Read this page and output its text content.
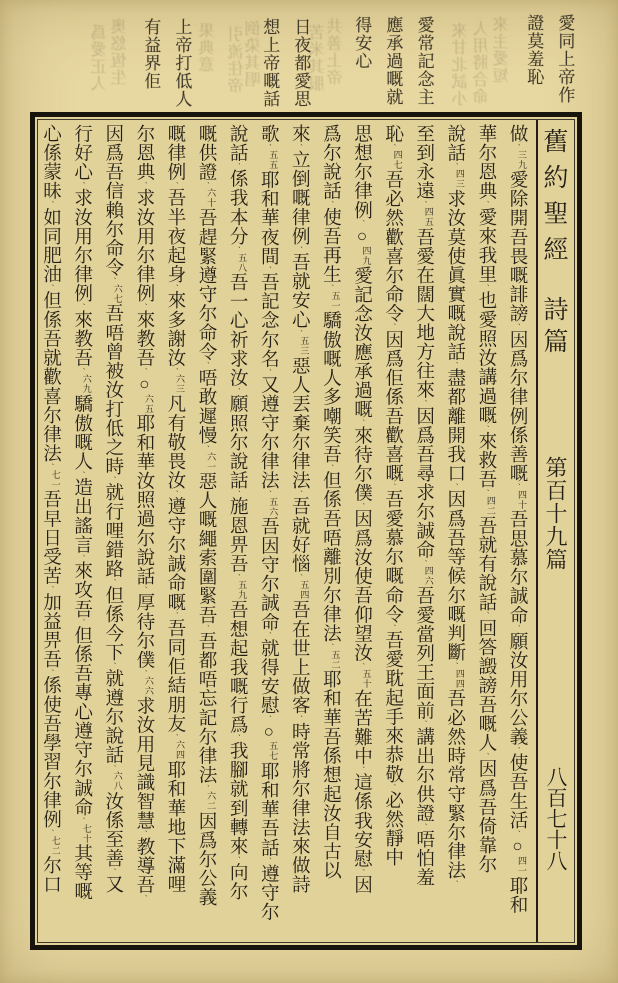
愛同上帝作
證莫羞恥
愛常記念主
應承過嘅就
得安心
日夜都愛思
想上帝嘅話
上帝打低人
有益界佢	來主愛短
人用將合命
來甘北試小
共善上帝
苦米其服
倒染其唱
引流住帝
果典意
奧悠恆生
爲愛正人
做、三九愛除開吾畏嘅誹謗、因爲尔律例係善嘅、四十吾思慕尔誠命、願汝用尔公義、使吾生活、○四一耶和
華尔恩典、愛來我里、也愛照汝講過嘅、來救吾、四二吾就有說話、回答譭謗吾嘅人、因爲吾倚靠尔
說話、四三求汝莫使眞實嘅說話、盡都離開我口、因爲吾等候尔嘅判斷、四四吾必然時常守緊尔律法、
至到永遠、四五吾愛在闊大地方往來、因爲吾尋求尔誠命、四六吾愛當列王面前、講出尔供證、唔怕羞
恥、四七吾必然歡喜尔命令、因爲佢係吾歡喜嘅、吾愛慕尔嘅命令、吾愛耽起手來恭敬、必然靜中
思想尔律例、○四九愛記念汝應承過嘅、來待尔僕、因爲汝使吾仰望汝、五十在苦難中、這係我安慰、因
爲尔說話、使吾再生、五一驕傲嘅人多嘲笑吾、但係吾唔離別尔律法、五二耶和華吾係想起汝自古以
來、立倒嘅律例、吾就安心、五三惡人丟棄尔律法、吾就好惱、五四吾在世上做客、時常將尔律法來做詩
歌、五五耶和華夜間、吾記念尔名、又遵守尔律法、五六吾因守尔誠命、就得安慰、○五七耶和華吾話、遵守尔
說話、係我本分、五八吾一心祈求汝、願照尔說話、施恩畀吾、五九吾想起我嘅行爲、我腳就到轉來、向尔
嘅供證、六十吾趕緊遵守尔命令、唔敢遲慢、六一惡人嘅繩索圍緊吾、吾都唔忘記尔律法、六二因爲尔公義
嘅律例、吾半夜起身、來多謝汝、六三凡有敬畏汝、遵守尔誠命嘅、吾同佢結朋友、六四耶和華地下滿哩
尔恩典、求汝用尔律例、來教吾、○六五耶和華汝照過尔說話、厚待尔僕、六六求汝用見識智慧、教導吾、
因爲吾信賴尔命令、六七吾唔曾被汝打低之時、就行哩錯路、但係今下、就遵尔說話、六八汝係至善、又
行好心、求汝用尔律例、來教吾、六九驕傲嘅人、造出謠言、來攻吾、但係吾專心遵守尔誠命、七十其等嘅
心係蒙昧、如同肥油、但係吾就歡喜尔律法、七一吾早日受苦、加益畀吾、係使吾學習尔律例、七二尔口
舊約聖經
詩篇
第百十九篇
八百七十八
